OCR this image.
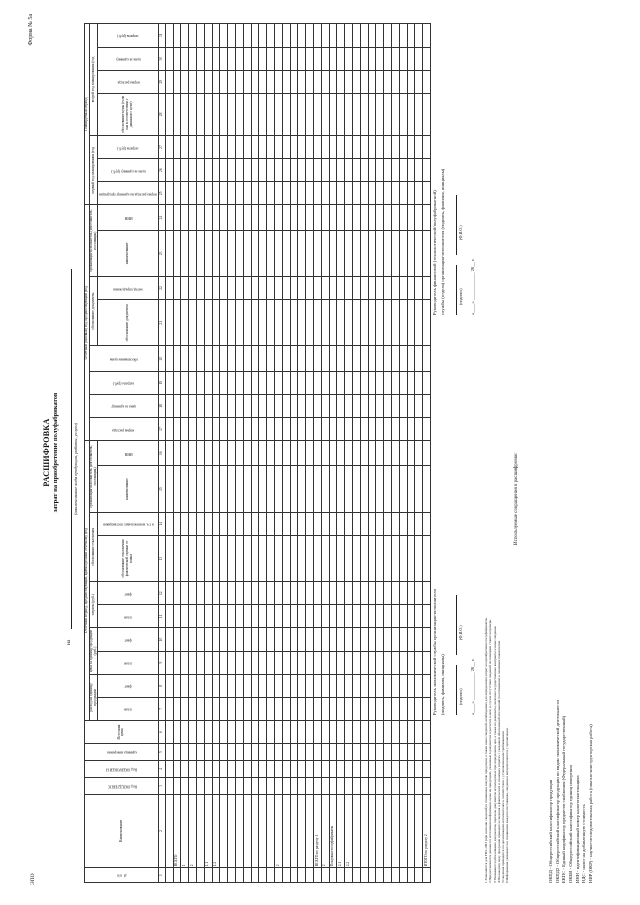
Форма № 5а
ЭПО
РАСШИФРОВКА затрат на приобретение полуфабрикатов
на
(наименование вида продукции, работы, услуги)
№ п/п	Наименование	Код ОКПД2/ЕКПС	Код ОКЕИ/ОКЕИ Н	единица измерения	Источник цены	Отчетный период, предшествующий, краткосрочный отчетному (год										Отчетный (базовый) год, предшествующий (год								Планируемый период						
						расход на единицу продукции		цена за единицу продукции (руб.)		затраты (руб.)		обоснование отклонения		организация-исполнитель (изготовитель, поставщик)		норма расхода	цена за единицу	затраты (руб.)	обоснование цены	обоснование документы		организация-исполнитель (изготовитель, поставщик)		первый год планирования (год			второй год планирования (год			
						план	факт	план	факт	план	факт	обоснование отклонения фактической оценки от плана	в т.ч. монопольных поставщиков	наименование	ИНН					обоснование документы	метод определения	наименование	ИНН	норма расхода на единицу продукции	цена за единицу (руб.)	затраты (руб.)	обоснование цены (если она в соответствии с данными о цене)	норма расхода	цена за единицу	затраты (руб.)

1	2	3	4	5	6	7	8	9	10	11	12	13	14	15	16	17	18	19	20	21	22	23	24	25	26	27	28	29	30	31

	ВСЕГО																													
	1																													
	2																													

	1.1																													
	1.2																													

	2																													

	ВСЕГО по разделу 1																													
	2																													
	Покупные полуфабрикаты																													
	2.1																													
	2.2																													

	ИТОГО по разделу 2																													
Руководитель экономической службы организации-исполнителя (подпись, фамилия, инициалы)	(подпись)
(Ф.И.О.)
«____» ____________ 20__ г.
Руководитель финансовой (технологической/полуфабрикатной) службы (отдела) организации-исполнителя (подпись, фамилия, инициалы)	(подпись)
(Ф.И.О.)
«____» ____________ 20__ г.
1 Заполняется для ГВЗ, ОВЗ (при наличии сведений) в отношении закупок продукции, а также иных сведений, необходимых для определения затрат на приобретение полуфабрикатов. 2 Предоставляются данные по источникам информации, цены на продукцию, указанные в документах и расчетах к ним; в случае отсутствия сведений по позициям ставится прочерк. 3 Указываются обоснование документов, перечень документов используемых при определении цен, а также их реквизиты, включая государственные контракты и иные сведения. 4 По каждому виду продукции приводятся сведения о фактических и плановых затратах с указанием обоснований отклонений по отношению к плановым показателям. 5 Сведения приводятся по организациям-исполнителям в соответствии с установленными требованиями. 6 Информация указывается в отношении каждого поставщика, сведения о котором имеются у организации.
Используемые сокращения в расшифровке:
ОКПД - Общероссийский классификатор продукции ОКПД2 - Общероссийский классификатор продукции по видам экономической деятельности ЕКПС - Единый кодификатор предметов снабжения (Федеральный государственный) ОКЕИ - Общероссийский классификатор единиц измерения ИНН - идентификационный номер налогоплательщика НДС - налог на добавленную стоимость НИР (ОКР) - научно-исследовательская работа (опытно-конструкторская работа)
